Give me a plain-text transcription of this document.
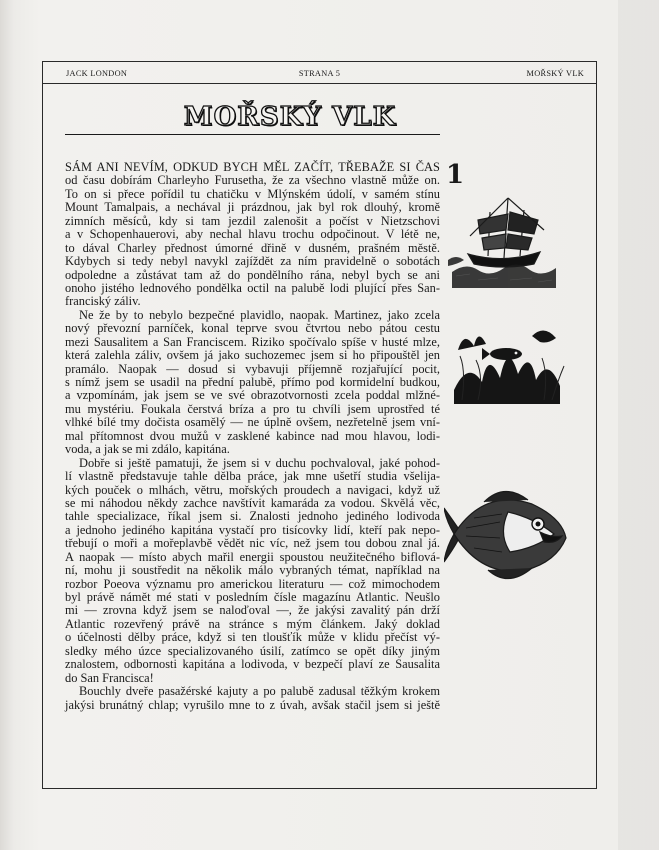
JACK LONDON	STRANA 5	MOŘSKÝ VLK
MOŘSKÝ VLK
1
SÁM ANI NEVÍM, ODKUD BYCH MĚL ZAČÍT, TŘEBAŽE SI ČAS
od času dobírám Charleyho Furusetha, že za všechno vlastně může on.
To on si přece pořídil tu chatičku v Mlýnském údolí, v samém stínu
Mount Tamalpais, a nechával ji prázdnou, jak byl rok dlouhý, kromě
zimních měsíců, kdy si tam jezdil zalenošit a počíst v Nietzschovi
a v Schopenhauerovi, aby nechal hlavu trochu odpočinout. V létě ne,
to dával Charley přednost úmorné dřině v dusném, prašném městě.
Kdybych si tedy nebyl navykl zajíždět za ním pravidelně o sobotách
odpoledne a zůstávat tam až do pondělního rána, nebyl bych se ani
onoho jistého lednového pondělka octil na palubě lodi plující přes San-
franciský záliv.
Ne že by to nebylo bezpečné plavidlo, naopak. Martinez, jako zcela
nový převozní parníček, konal teprve svou čtvrtou nebo pátou cestu
mezi Sausalitem a San Franciscem. Riziko spočívalo spíše v husté mlze,
která zalehla záliv, ovšem já jako suchozemec jsem si ho připouštěl jen
pramálo. Naopak — dosud si vybavuji příjemně rozjařující pocit,
s nímž jsem se usadil na přední palubě, přímo pod kormidelní budkou,
a vzpomínám, jak jsem se ve své obrazotvornosti zcela poddal mlžné-
mu mystériu. Foukala čerstvá bríza a pro tu chvíli jsem uprostřed té
vlhké bílé tmy dočista osamělý — ne úplně ovšem, nezřetelně jsem vní-
mal přítomnost dvou mužů v zasklené kabince nad mou hlavou, lodi-
voda, a jak se mi zdálo, kapitána.
Dobře si ještě pamatuji, že jsem si v duchu pochvaloval, jaké pohod-
lí vlastně představuje tahle dělba práce, jak mne ušetří studia všelija-
kých pouček o mlhách, větru, mořských proudech a navigaci, když už
se mi náhodou někdy zachce navštívit kamaráda za vodou. Skvělá věc,
tahle specializace, říkal jsem si. Znalosti jednoho jediného lodivoda
a jednoho jediného kapitána vystačí pro tisícovky lidí, kteří pak nepo-
třebují o moři a mořeplavbě vědět nic víc, než jsem tou dobou znal já.
A naopak — místo abych mařil energii spoustou neužitečného biflová-
ní, mohu ji soustředit na několik málo vybraných témat, například na
rozbor Poeova významu pro americkou literaturu — což mimochodem
byl právě námět mé stati v posledním čísle magazínu Atlantic. Neušlo
mi — zrovna když jsem se naloďoval —, že jakýsi zavalitý pán drží
Atlantic rozevřený právě na stránce s mým článkem. Jaký doklad
o účelnosti dělby práce, když si ten tloušťík může v klidu přečíst vý-
sledky mého úzce specializovaného úsilí, zatímco se opět díky jiným
znalostem, odbornosti kapitána a lodivoda, v bezpečí plaví ze Sausalita
do San Francisca!
Bouchly dveře pasažérské kajuty a po palubě zadusal těžkým krokem
jakýsi brunátný chlap; vyrušilo mne to z úvah, avšak stačil jsem si ještě
